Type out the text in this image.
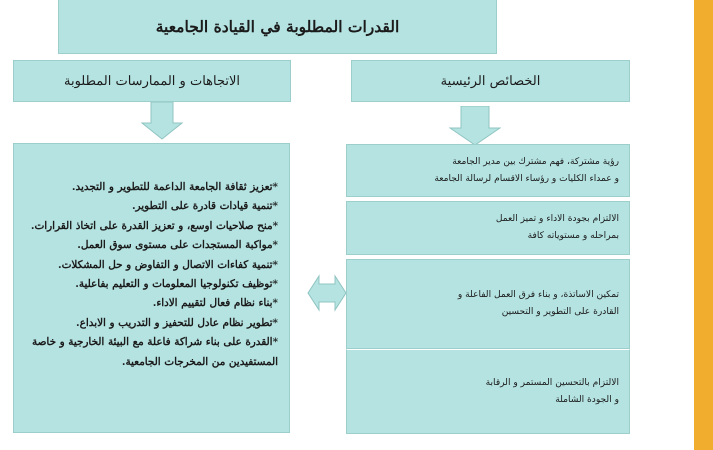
القدرات المطلوبة في القيادة الجامعية
الاتجاهات و الممارسات المطلوبة	الخصائص الرئيسية
*تعزيز ثقافة الجامعة الداعمة للتطوير و التجديد.
*تنمية قيادات قادرة على التطوير.
*منح صلاحيات اوسع، و تعزيز القدرة على اتخاذ القرارات.
*مواكبة المستجدات على مستوى سوق العمل.
*تنمية كفاءات الاتصال و التفاوض و حل المشكلات.
*توظيف تكنولوجيا المعلومات و التعليم بفاعلية.
*بناء نظام فعال لتقييم الاداء.
*تطوير نظام عادل للتحفيز و التدريب و الابداع.
*القدرة على بناء شراكة فاعلة مع البيئة الخارجية و خاصة المستفيدين من المخرجات الجامعية.
رؤية مشتركة، فهم مشترك بين مدير الجامعة
و عمداء الكليات و رؤساء الاقسام لرسالة الجامعة
الالتزام بجودة الاداء و تميز العمل
بمراحله و مستوياته كافة
تمكين الاساتذة، و بناء فرق العمل الفاعلة و
القادرة على التطوير و التحسين
الالتزام بالتحسين المستمر و الرقابة
و الجودة الشاملة
